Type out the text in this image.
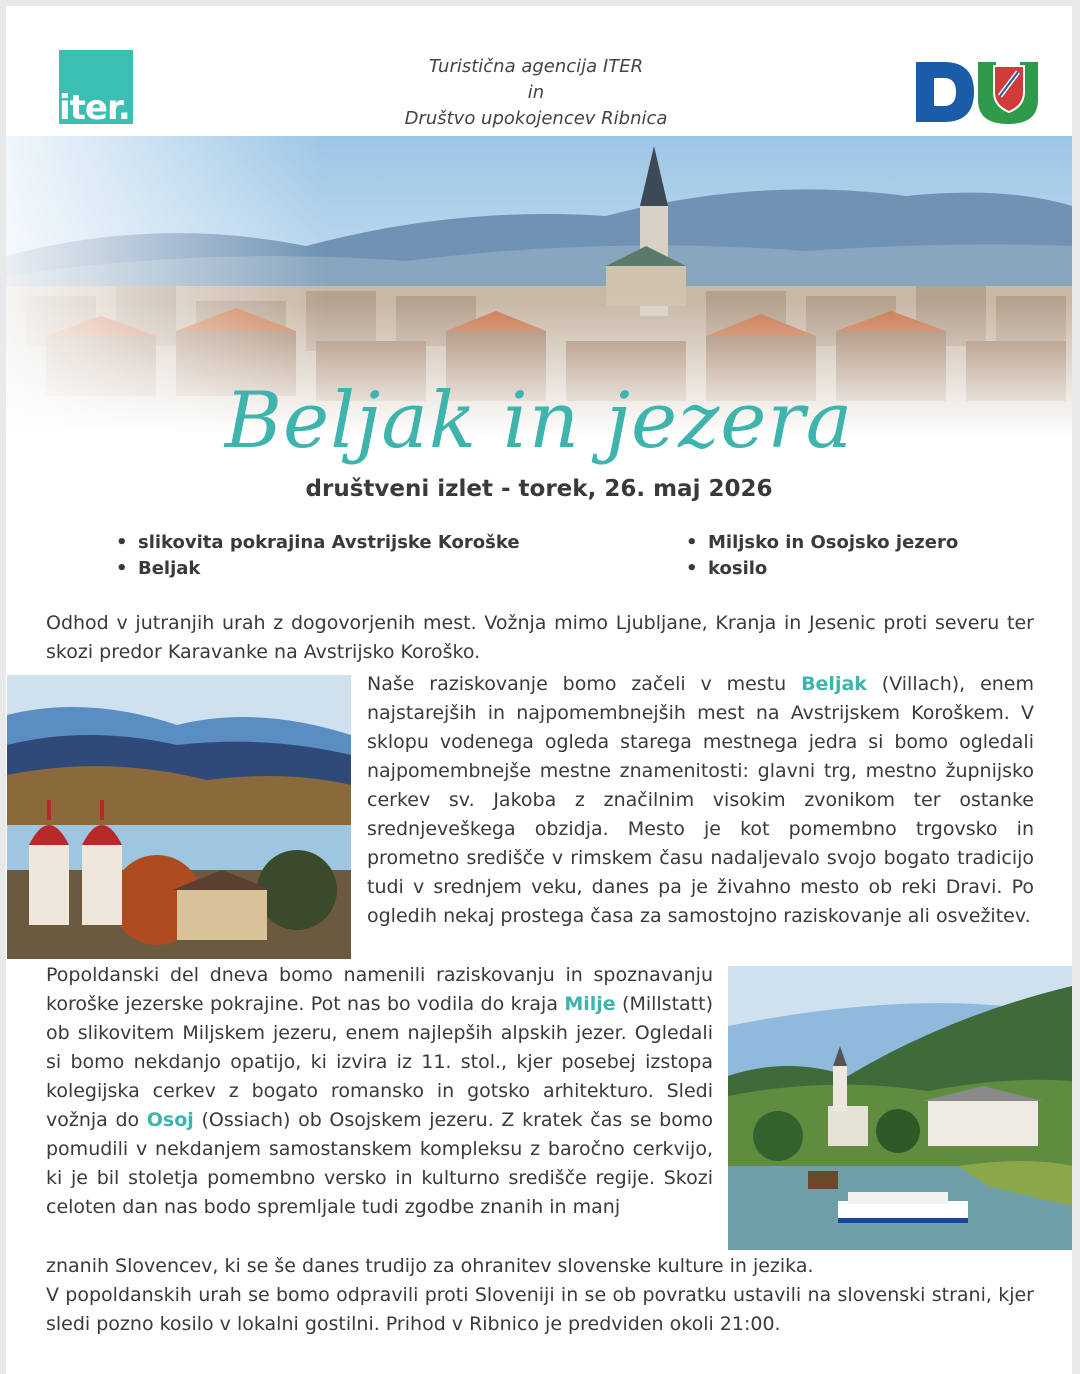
iter.
Turistična agencija ITER
in
Društvo upokojencev Ribnica
Beljak in jezera
društveni izlet - torek, 26. maj 2026
• slikovita pokrajina Avstrijske Koroške
• Beljak
• Miljsko in Osojsko jezero
• kosilo

Odhod v jutranjih urah z dogovorjenih mest. Vožnja mimo Ljubljane, Kranja in Jesenic proti severu ter skozi predor Karavanke na Avstrijsko Koroško.

Naše raziskovanje bomo začeli v mestu Beljak (Villach), enem najstarejših in najpomembnejših mest na Avstrijskem Koroškem. V sklopu vodenega ogleda starega mestnega jedra si bomo ogledali najpomembnejše mestne znamenitosti: glavni trg, mestno župnijsko cerkev sv. Jakoba z značilnim visokim zvonikom ter ostanke srednjeveškega obzidja. Mesto je kot pomembno trgovsko in prometno središče v rimskem času nadaljevalo svojo bogato tradicijo tudi v srednjem veku, danes pa je živahno mesto ob reki Dravi. Po ogledih nekaj prostega časa za samostojno raziskovanje ali osvežitev.

Popoldanski del dneva bomo namenili raziskovanju in spoznavanju koroške jezerske pokrajine. Pot nas bo vodila do kraja Milje (Millstatt) ob slikovitem Miljskem jezeru, enem najlepših alpskih jezer. Ogledali si bomo nekdanjo opatijo, ki izvira iz 11. stol., kjer posebej izstopa kolegijska cerkev z bogato romansko in gotsko arhitekturo. Sledi vožnja do Osoj (Ossiach) ob Osojskem jezeru. Z kratek čas se bomo pomudili v nekdanjem samostanskem kompleksu z baročno cerkvijo, ki je bil stoletja pomembno versko in kulturno središče regije. Skozi celoten dan nas bodo spremljale tudi zgodbe znanih in manj

znanih Slovencev, ki se še danes trudijo za ohranitev slovenske kulture in jezika.

V popoldanskih urah se bomo odpravili proti Sloveniji in se ob povratku ustavili na slovenski strani, kjer sledi pozno kosilo v lokalni gostilni. Prihod v Ribnico je predviden okoli 21:00.
